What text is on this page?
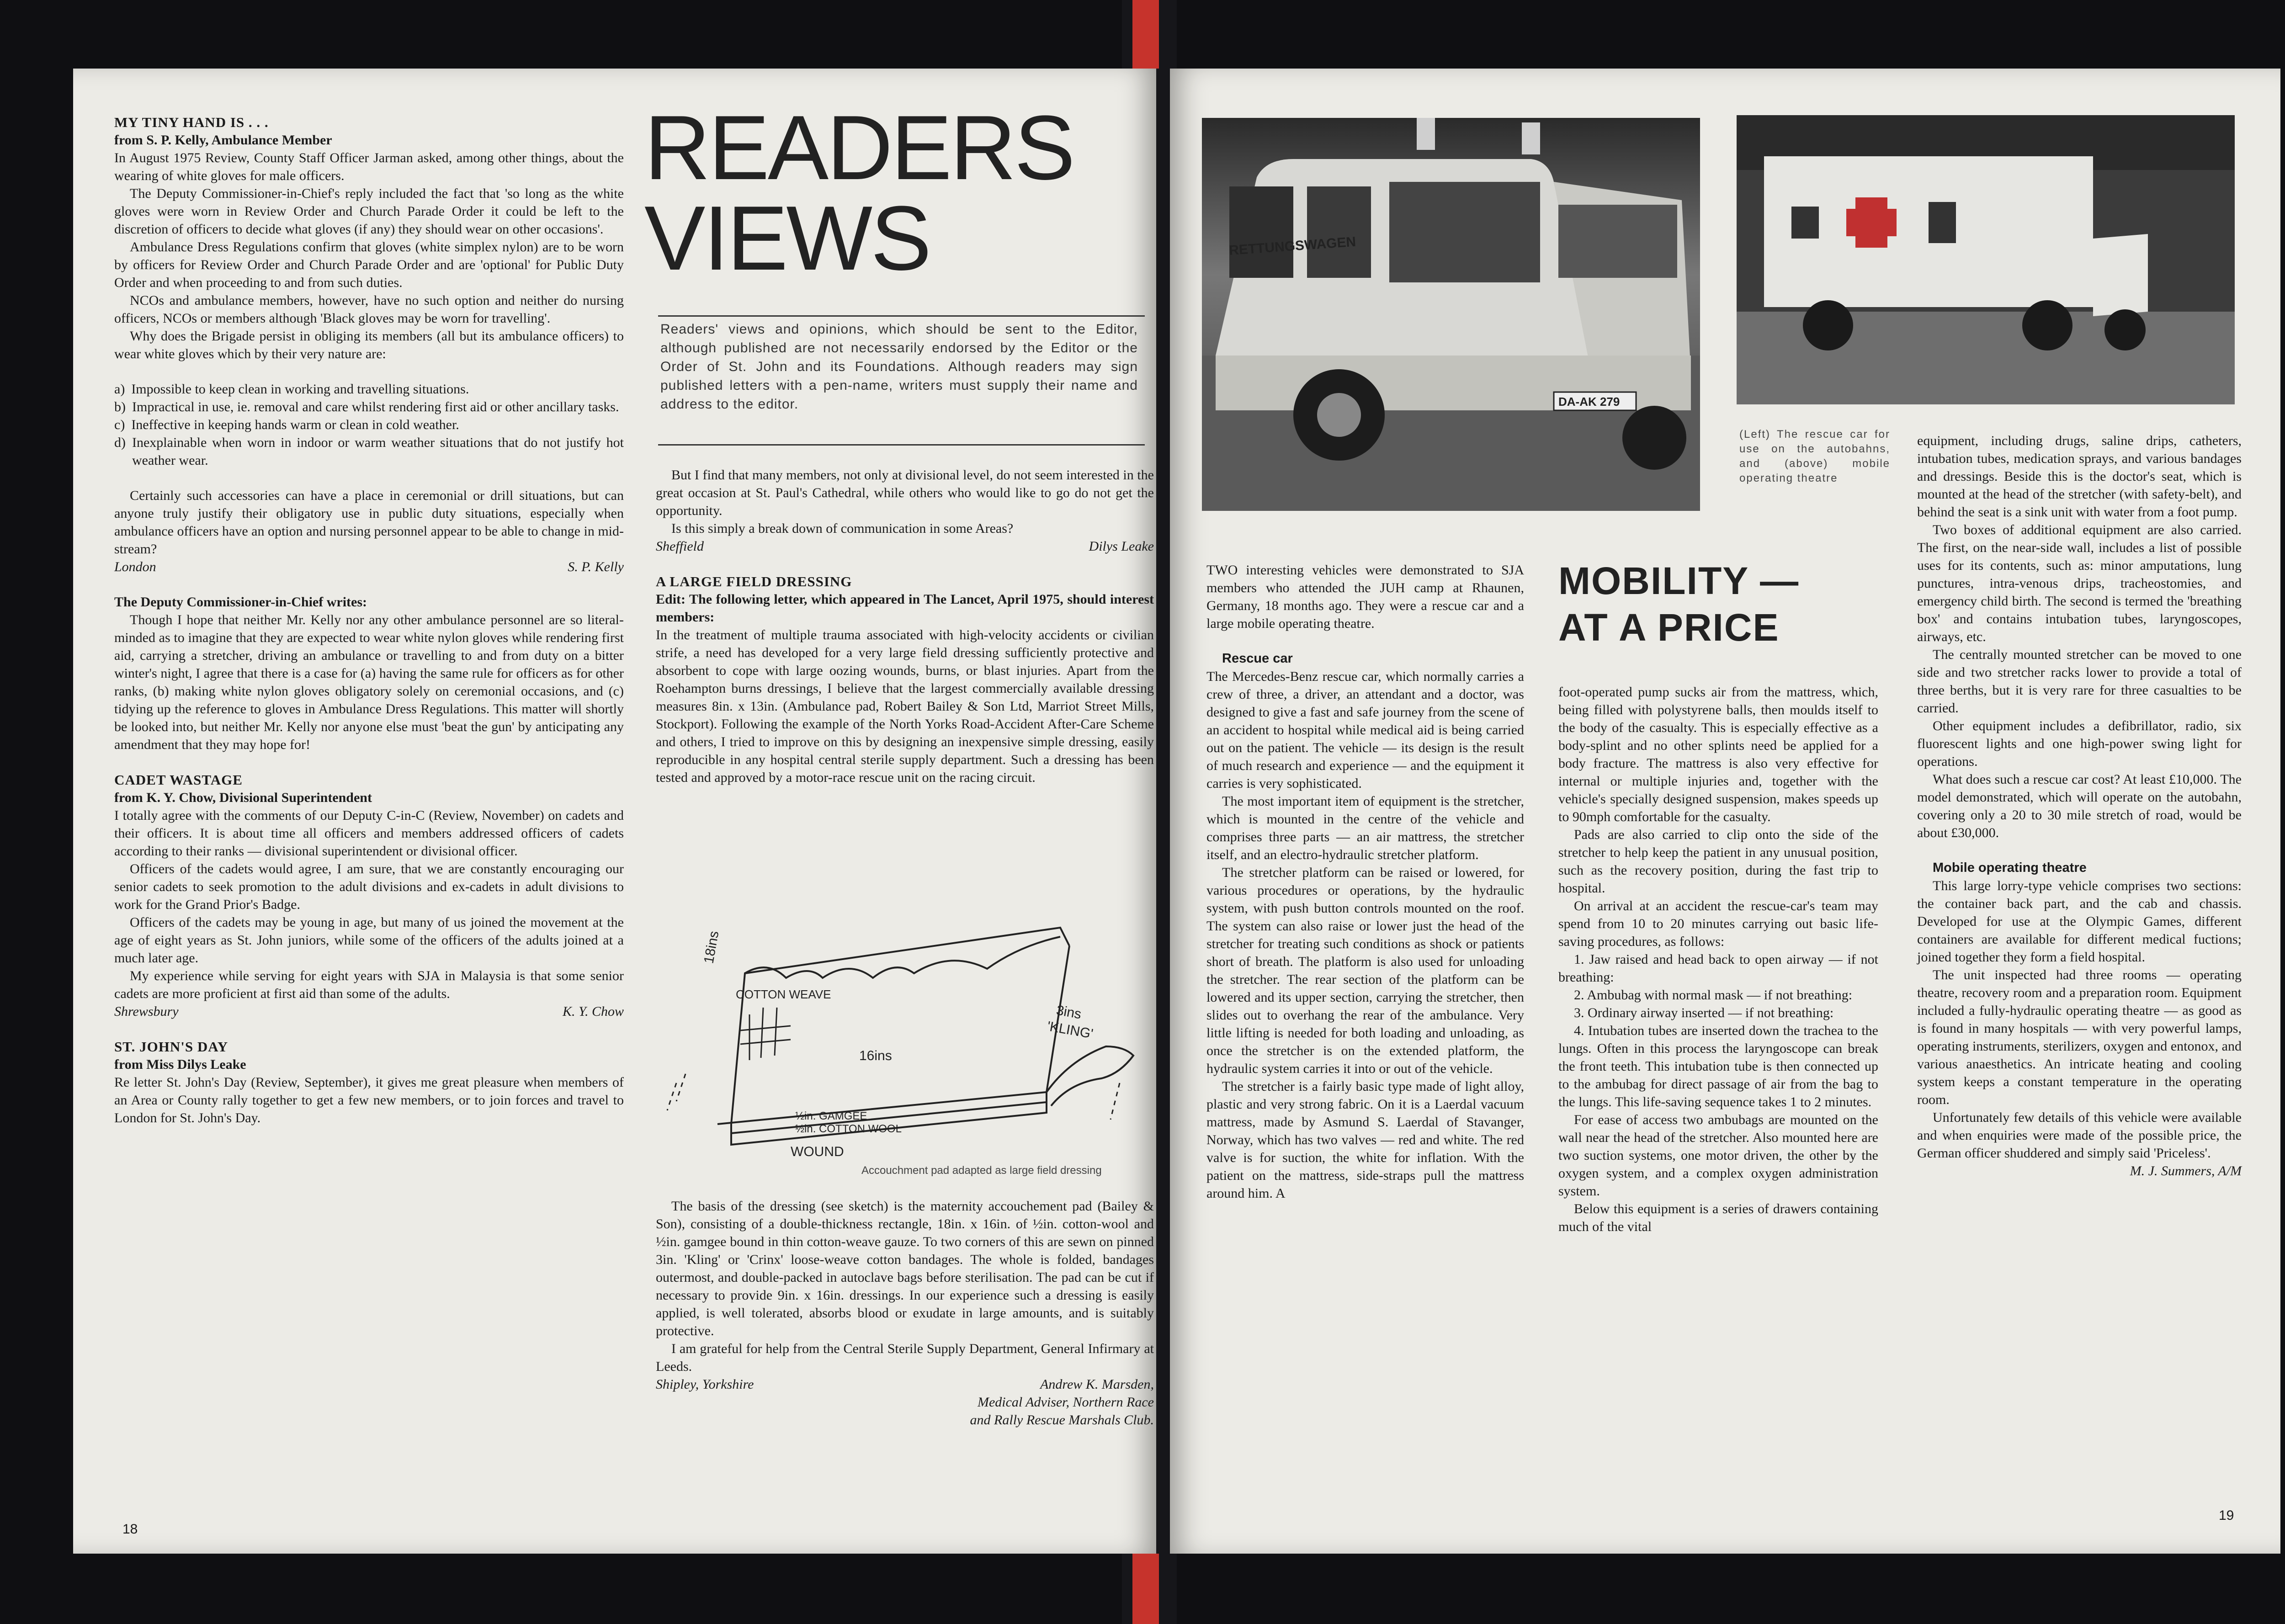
MY TINY HAND IS . . .

from S. P. Kelly, Ambulance Member

In August 1975 Review, County Staff Officer Jarman asked, among other things, about the wearing of white gloves for male officers.

The Deputy Commissioner-in-Chief's reply included the fact that 'so long as the white gloves were worn in Review Order and Church Parade Order it could be left to the discretion of officers to decide what gloves (if any) they should wear on other occasions'.

Ambulance Dress Regulations confirm that gloves (white simplex nylon) are to be worn by officers for Review Order and Church Parade Order and are 'optional' for Public Duty Order and when proceeding to and from such duties.

NCOs and ambulance members, however, have no such option and neither do nursing officers, NCOs or members although 'Black gloves may be worn for travelling'.

Why does the Brigade persist in obliging its members (all but its ambulance officers) to wear white gloves which by their very nature are:

a) Impossible to keep clean in working and travelling situations.
b) Impractical in use, ie. removal and care whilst rendering first aid or other ancillary tasks.
c) Ineffective in keeping hands warm or clean in cold weather.
d) Inexplainable when worn in indoor or warm weather situations that do not justify hot weather wear.

Certainly such accessories can have a place in ceremonial or drill situations, but can anyone truly justify their obligatory use in public duty situations, especially when ambulance officers have an option and nursing personnel appear to be able to change in mid-stream?

London	S. P. Kelly

The Deputy Commissioner-in-Chief writes:

Though I hope that neither Mr. Kelly nor any other ambulance personnel are so literal-minded as to imagine that they are expected to wear white nylon gloves while rendering first aid, carrying a stretcher, driving an ambulance or travelling to and from duty on a bitter winter's night, I agree that there is a case for (a) having the same rule for officers as for other ranks, (b) making white nylon gloves obligatory solely on ceremonial occasions, and (c) tidying up the reference to gloves in Ambulance Dress Regulations. This matter will shortly be looked into, but neither Mr. Kelly nor anyone else must 'beat the gun' by anticipating any amendment that they may hope for!

CADET WASTAGE

from K. Y. Chow, Divisional Superintendent

I totally agree with the comments of our Deputy C-in-C (Review, November) on cadets and their officers. It is about time all officers and members addressed officers of cadets according to their ranks — divisional superintendent or divisional officer.

Officers of the cadets would agree, I am sure, that we are constantly encouraging our senior cadets to seek promotion to the adult divisions and ex-cadets in adult divisions to work for the Grand Prior's Badge.

Officers of the cadets may be young in age, but many of us joined the movement at the age of eight years as St. John juniors, while some of the officers of the adults joined at a much later age.

My experience while serving for eight years with SJA in Malaysia is that some senior cadets are more proficient at first aid than some of the adults.

Shrewsbury	K. Y. Chow

ST. JOHN'S DAY

from Miss Dilys Leake

Re letter St. John's Day (Review, September), it gives me great pleasure when members of an Area or County rally together to get a few new members, or to join forces and travel to London for St. John's Day.

READERS
VIEWS
Readers' views and opinions, which should be sent to the Editor, although published are not necessarily endorsed by the Editor or the Order of St. John and its Foundations. Although readers may sign published letters with a pen-name, writers must supply their name and address to the editor.

But I find that many members, not only at divisional level, do not seem interested in the great occasion at St. Paul's Cathedral, while others who would like to go do not get the opportunity.

Is this simply a break down of communication in some Areas?

Sheffield	Dilys Leake

A LARGE FIELD DRESSING

Edit: The following letter, which appeared in The Lancet, April 1975, should interest members:

In the treatment of multiple trauma associated with high-velocity accidents or civilian strife, a need has developed for a very large field dressing sufficiently protective and absorbent to cope with large oozing wounds, burns, or blast injuries. Apart from the Roehampton burns dressings, I believe that the largest commercially available dressing measures 8in. x 13in. (Ambulance pad, Robert Bailey & Son Ltd, Marriot Street Mills, Stockport). Following the example of the North Yorks Road-Accident After-Care Scheme and others, I tried to improve on this by designing an inexpensive simple dressing, easily reproducible in any hospital central sterile supply department. Such a dressing has been tested and approved by a motor-race rescue unit on the racing circuit.

18ins
COTTON WEAVE
16ins
½in. GAMGEE
½in. COTTON WOOL
WOUND
3ins
'KLING'
Accouchment pad adapted as large field dressing

The basis of the dressing (see sketch) is the maternity accouchement pad (Bailey & Son), consisting of a double-thickness rectangle, 18in. x 16in. of ½in. cotton-wool and ½in. gamgee bound in thin cotton-weave gauze. To two corners of this are sewn on pinned 3in. 'Kling' or 'Crinx' loose-weave cotton bandages. The whole is folded, bandages outermost, and double-packed in autoclave bags before sterilisation. The pad can be cut if necessary to provide 9in. x 16in. dressings. In our experience such a dressing is easily applied, is well tolerated, absorbs blood or exudate in large amounts, and is suitably protective.

I am grateful for help from the Central Sterile Supply Department, General Infirmary at Leeds.

Shipley, Yorkshire	Andrew K. Marsden,

Medical Adviser, Northern Race

and Rally Rescue Marshals Club.

18
RETTUNGSWAGEN
DA-AK 279
(Left) The rescue car for use on the autobahns, and (above) mobile operating theatre
MOBILITY —
AT A PRICE

TWO interesting vehicles were demonstrated to SJA members who attended the JUH camp at Rhaunen, Germany, 18 months ago. They were a rescue car and a large mobile operating theatre.

Rescue car

The Mercedes-Benz rescue car, which normally carries a crew of three, a driver, an attendant and a doctor, was designed to give a fast and safe journey from the scene of an accident to hospital while medical aid is being carried out on the patient. The vehicle — its design is the result of much research and experience — and the equipment it carries is very sophisticated.

The most important item of equipment is the stretcher, which is mounted in the centre of the vehicle and comprises three parts — an air mattress, the stretcher itself, and an electro-hydraulic stretcher platform.

The stretcher platform can be raised or lowered, for various procedures or operations, by the hydraulic system, with push button controls mounted on the roof. The system can also raise or lower just the head of the stretcher for treating such conditions as shock or patients short of breath. The platform is also used for unloading the stretcher. The rear section of the platform can be lowered and its upper section, carrying the stretcher, then slides out to overhang the rear of the ambulance. Very little lifting is needed for both loading and unloading, as once the stretcher is on the extended platform, the hydraulic system carries it into or out of the vehicle.

The stretcher is a fairly basic type made of light alloy, plastic and very strong fabric. On it is a Laerdal vacuum mattress, made by Asmund S. Laerdal of Stavanger, Norway, which has two valves — red and white. The red valve is for suction, the white for inflation. With the patient on the mattress, side-straps pull the mattress around him. A

foot-operated pump sucks air from the mattress, which, being filled with polystyrene balls, then moulds itself to the body of the casualty. This is especially effective as a body-splint and no other splints need be applied for a body fracture. The mattress is also very effective for internal or multiple injuries and, together with the vehicle's specially designed suspension, makes speeds up to 90mph comfortable for the casualty.

Pads are also carried to clip onto the side of the stretcher to help keep the patient in any unusual position, such as the recovery position, during the fast trip to hospital.

On arrival at an accident the rescue-car's team may spend from 10 to 20 minutes carrying out basic life-saving procedures, as follows:

1. Jaw raised and head back to open airway — if not breathing:

2. Ambubag with normal mask — if not breathing:

3. Ordinary airway inserted — if not breathing:

4. Intubation tubes are inserted down the trachea to the lungs. Often in this process the laryngoscope can break the front teeth. This intubation tube is then connected up to the ambubag for direct passage of air from the bag to the lungs. This life-saving sequence takes 1 to 2 minutes.

For ease of access two ambubags are mounted on the wall near the head of the stretcher. Also mounted here are two suction systems, one motor driven, the other by the oxygen system, and a complex oxygen administration system.

Below this equipment is a series of drawers containing much of the vital

equipment, including drugs, saline drips, catheters, intubation tubes, medication sprays, and various bandages and dressings. Beside this is the doctor's seat, which is mounted at the head of the stretcher (with safety-belt), and behind the seat is a sink unit with water from a foot pump.

Two boxes of additional equipment are also carried. The first, on the near-side wall, includes a list of possible uses for its contents, such as: minor amputations, lung punctures, intra-venous drips, tracheostomies, and emergency child birth. The second is termed the 'breathing box' and contains intubation tubes, laryngoscopes, airways, etc.

The centrally mounted stretcher can be moved to one side and two stretcher racks lower to provide a total of three berths, but it is very rare for three casualties to be carried.

Other equipment includes a defibrillator, radio, six fluorescent lights and one high-power swing light for operations.

What does such a rescue car cost? At least £10,000. The model demonstrated, which will operate on the autobahn, covering only a 20 to 30 mile stretch of road, would be about £30,000.

Mobile operating theatre

This large lorry-type vehicle comprises two sections: the container back part, and the cab and chassis. Developed for use at the Olympic Games, different containers are available for different medical fuctions; joined together they form a field hospital.

The unit inspected had three rooms — operating theatre, recovery room and a preparation room. Equipment included a fully-hydraulic operating theatre — as good as is found in many hospitals — with very powerful lamps, operating instruments, sterilizers, oxygen and entonox, and various anaesthetics. An intricate heating and cooling system keeps a constant temperature in the operating room.

Unfortunately few details of this vehicle were available and when enquiries were made of the possible price, the German officer shuddered and simply said 'Priceless'.

M. J. Summers, A/M

19
